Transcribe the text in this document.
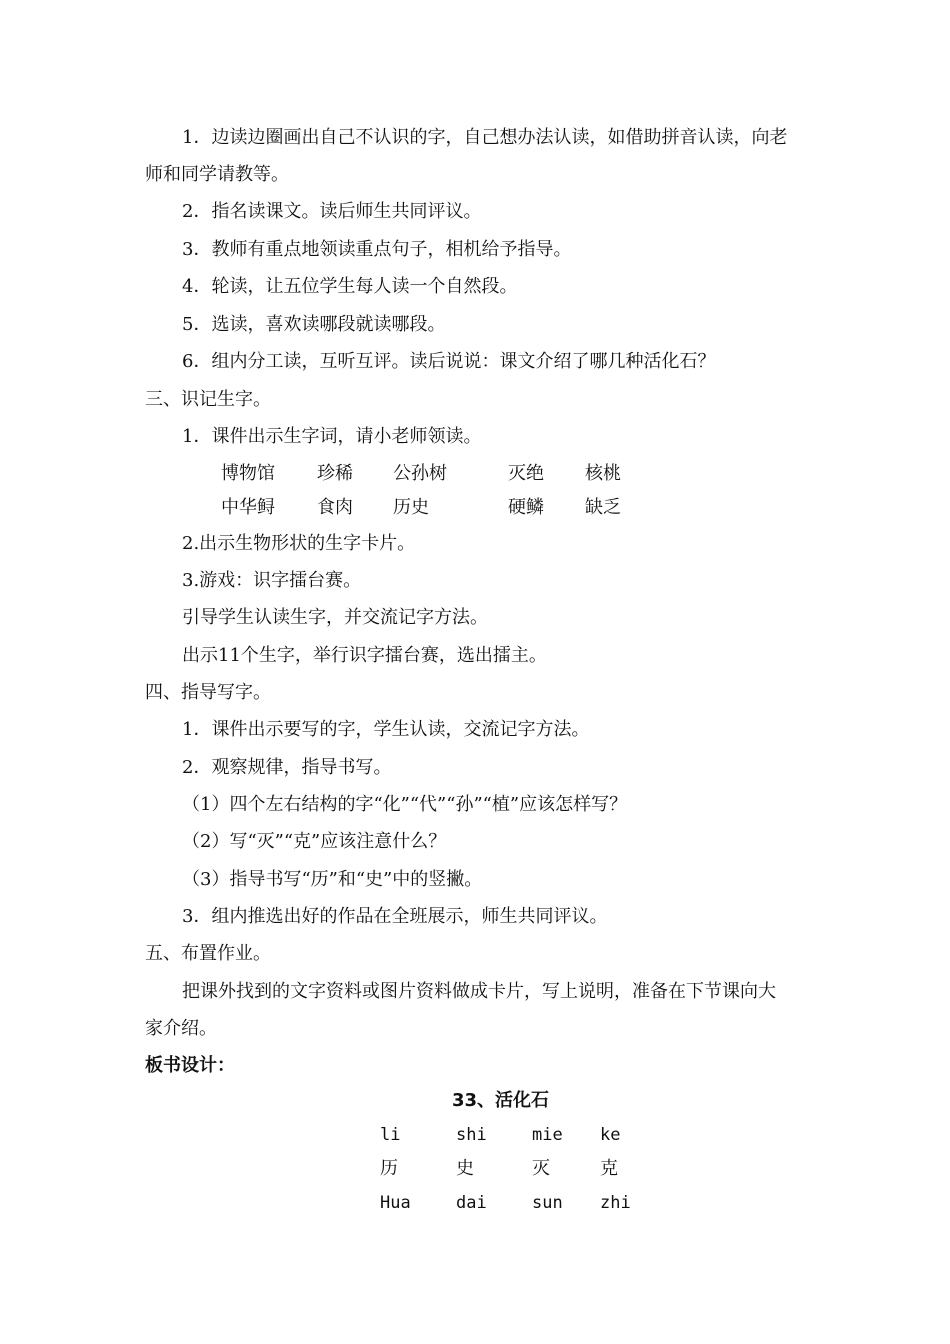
1．边读边圈画出自己不认识的字，自己想办法认读，如借助拼音认读，向老
师和同学请教等。
2．指名读课文。读后师生共同评议。
3．教师有重点地领读重点句子，相机给予指导。
4．轮读，让五位学生每人读一个自然段。
5．选读，喜欢读哪段就读哪段。
6．组内分工读，互听互评。读后说说：课文介绍了哪几种活化石？
三、识记生字。
1．课件出示生字词，请小老师领读。
博物馆 珍稀 公孙树	灭绝 核桃
中华鲟 食肉 历史	硬鳞 缺乏
2.出示生物形状的生字卡片。
3.游戏：识字擂台赛。
引导学生认读生字，并交流记字方法。
出示11个生字，举行识字擂台赛，选出擂主。
四、指导写字。
1．课件出示要写的字，学生认读，交流记字方法。
2．观察规律，指导书写。
（1）四个左右结构的字“化”“代”“孙”“植”应该怎样写？
（2）写“灭”“克”应该注意什么？
（3）指导书写“历”和“史”中的竖撇。
3．组内推选出好的作品在全班展示，师生共同评议。
五、布置作业。
把课外找到的文字资料或图片资料做成卡片，写上说明，准备在下节课向大
家介绍。
板书设计：
33、活化石
li	shi	mie ke
历	史	灭	克
Hua	dai	sun zhi
